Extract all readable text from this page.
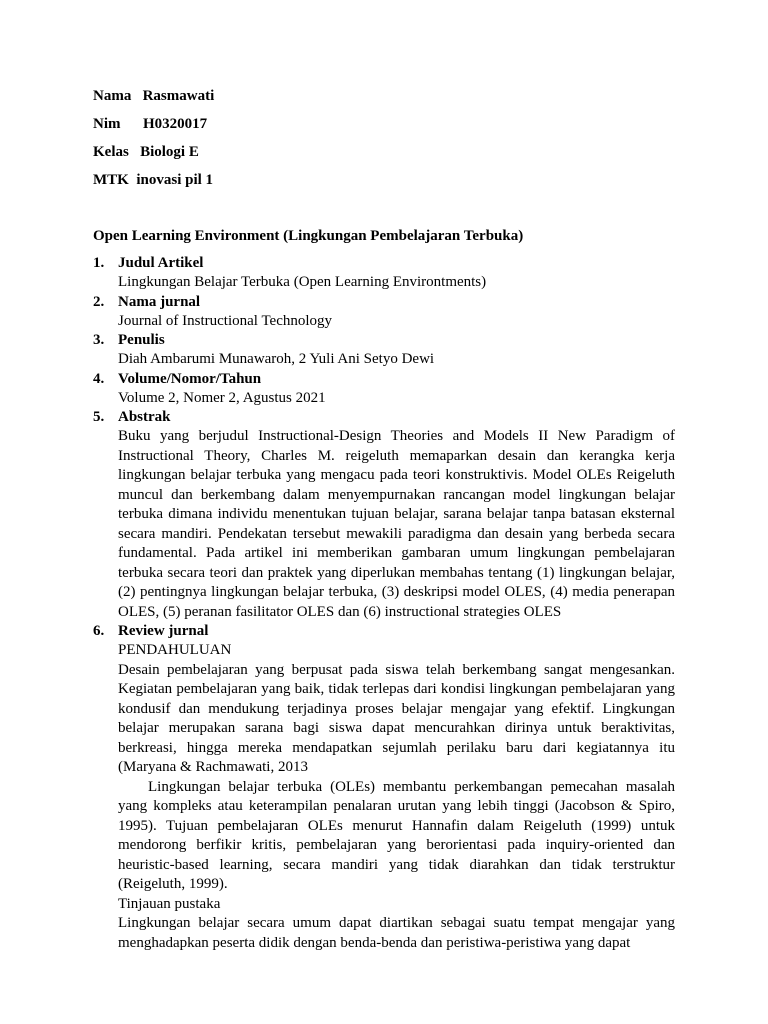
Nama Rasmawati
Nim H0320017
Kelas Biologi E
MTK inovasi pil 1
Open Learning Environment (Lingkungan Pembelajaran Terbuka)
1. Judul Artikel
Lingkungan Belajar Terbuka (Open Learning Environtments)
2. Nama jurnal
Journal of Instructional Technology
3. Penulis
Diah Ambarumi Munawaroh, 2 Yuli Ani Setyo Dewi
4. Volume/Nomor/Tahun
Volume 2, Nomer 2, Agustus 2021
5. Abstrak
Buku yang berjudul Instructional-Design Theories and Models II New Paradigm of Instructional Theory, Charles M. reigeluth memaparkan desain dan kerangka kerja lingkungan belajar terbuka yang mengacu pada teori konstruktivis. Model OLEs Reigeluth muncul dan berkembang dalam menyempurnakan rancangan model lingkungan belajar terbuka dimana individu menentukan tujuan belajar, sarana belajar tanpa batasan eksternal secara mandiri. Pendekatan tersebut mewakili paradigma dan desain yang berbeda secara fundamental. Pada artikel ini memberikan gambaran umum lingkungan pembelajaran terbuka secara teori dan praktek yang diperlukan membahas tentang (1) lingkungan belajar, (2) pentingnya lingkungan belajar terbuka, (3) deskripsi model OLES, (4) media penerapan OLES, (5) peranan fasilitator OLES dan (6) instructional strategies OLES
6. Review jurnal

PENDAHULUAN

Desain pembelajaran yang berpusat pada siswa telah berkembang sangat mengesankan. Kegiatan pembelajaran yang baik, tidak terlepas dari kondisi lingkungan pembelajaran yang kondusif dan mendukung terjadinya proses belajar mengajar yang efektif. Lingkungan belajar merupakan sarana bagi siswa dapat mencurahkan dirinya untuk beraktivitas, berkreasi, hingga mereka mendapatkan sejumlah perilaku baru dari kegiatannya itu (Maryana & Rachmawati, 2013

Lingkungan belajar terbuka (OLEs) membantu perkembangan pemecahan masalah yang kompleks atau keterampilan penalaran urutan yang lebih tinggi (Jacobson & Spiro, 1995). Tujuan pembelajaran OLEs menurut Hannafin dalam Reigeluth (1999) untuk mendorong berfikir kritis, pembelajaran yang berorientasi pada inquiry-oriented dan heuristic-based learning, secara mandiri yang tidak diarahkan dan tidak terstruktur (Reigeluth, 1999).

Tinjauan pustaka

Lingkungan belajar secara umum dapat diartikan sebagai suatu tempat mengajar yang menghadapkan peserta didik dengan benda-benda dan peristiwa-peristiwa yang dapat
